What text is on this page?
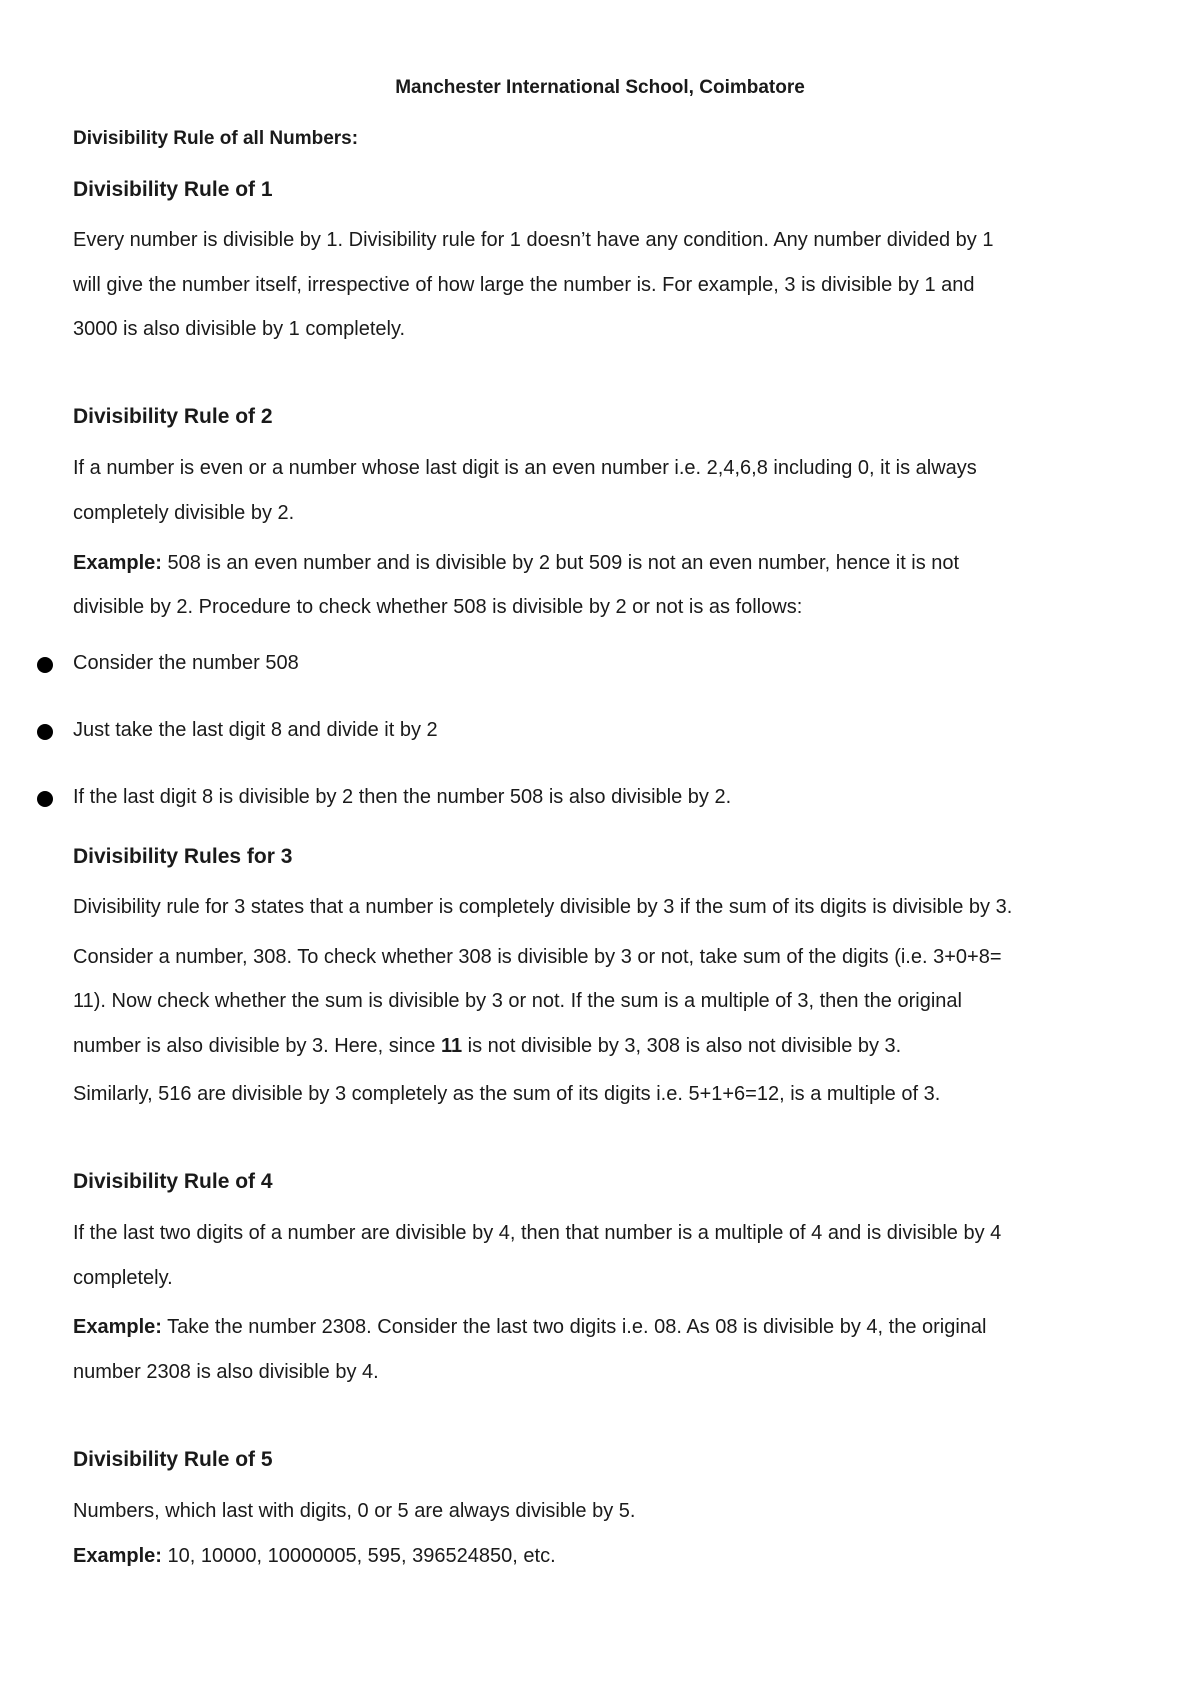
Manchester International School, Coimbatore
Divisibility Rule of all Numbers:
Divisibility Rule of 1
Every number is divisible by 1. Divisibility rule for 1 doesn’t have any condition. Any number divided by 1
will give the number itself, irrespective of how large the number is. For example, 3 is divisible by 1 and
3000 is also divisible by 1 completely.
Divisibility Rule of 2
If a number is even or a number whose last digit is an even number i.e. 2,4,6,8 including 0, it is always
completely divisible by 2.
Example: 508 is an even number and is divisible by 2 but 509 is not an even number, hence it is not
divisible by 2. Procedure to check whether 508 is divisible by 2 or not is as follows:
Consider the number 508
Just take the last digit 8 and divide it by 2
If the last digit 8 is divisible by 2 then the number 508 is also divisible by 2.
Divisibility Rules for 3
Divisibility rule for 3 states that a number is completely divisible by 3 if the sum of its digits is divisible by 3.
Consider a number, 308. To check whether 308 is divisible by 3 or not, take sum of the digits (i.e. 3+0+8=
11). Now check whether the sum is divisible by 3 or not. If the sum is a multiple of 3, then the original
number is also divisible by 3. Here, since 11 is not divisible by 3, 308 is also not divisible by 3.
Similarly, 516 are divisible by 3 completely as the sum of its digits i.e. 5+1+6=12, is a multiple of 3.
Divisibility Rule of 4
If the last two digits of a number are divisible by 4, then that number is a multiple of 4 and is divisible by 4
completely.
Example: Take the number 2308. Consider the last two digits i.e. 08. As 08 is divisible by 4, the original
number 2308 is also divisible by 4.
Divisibility Rule of 5
Numbers, which last with digits, 0 or 5 are always divisible by 5.
Example: 10, 10000, 10000005, 595, 396524850, etc.
